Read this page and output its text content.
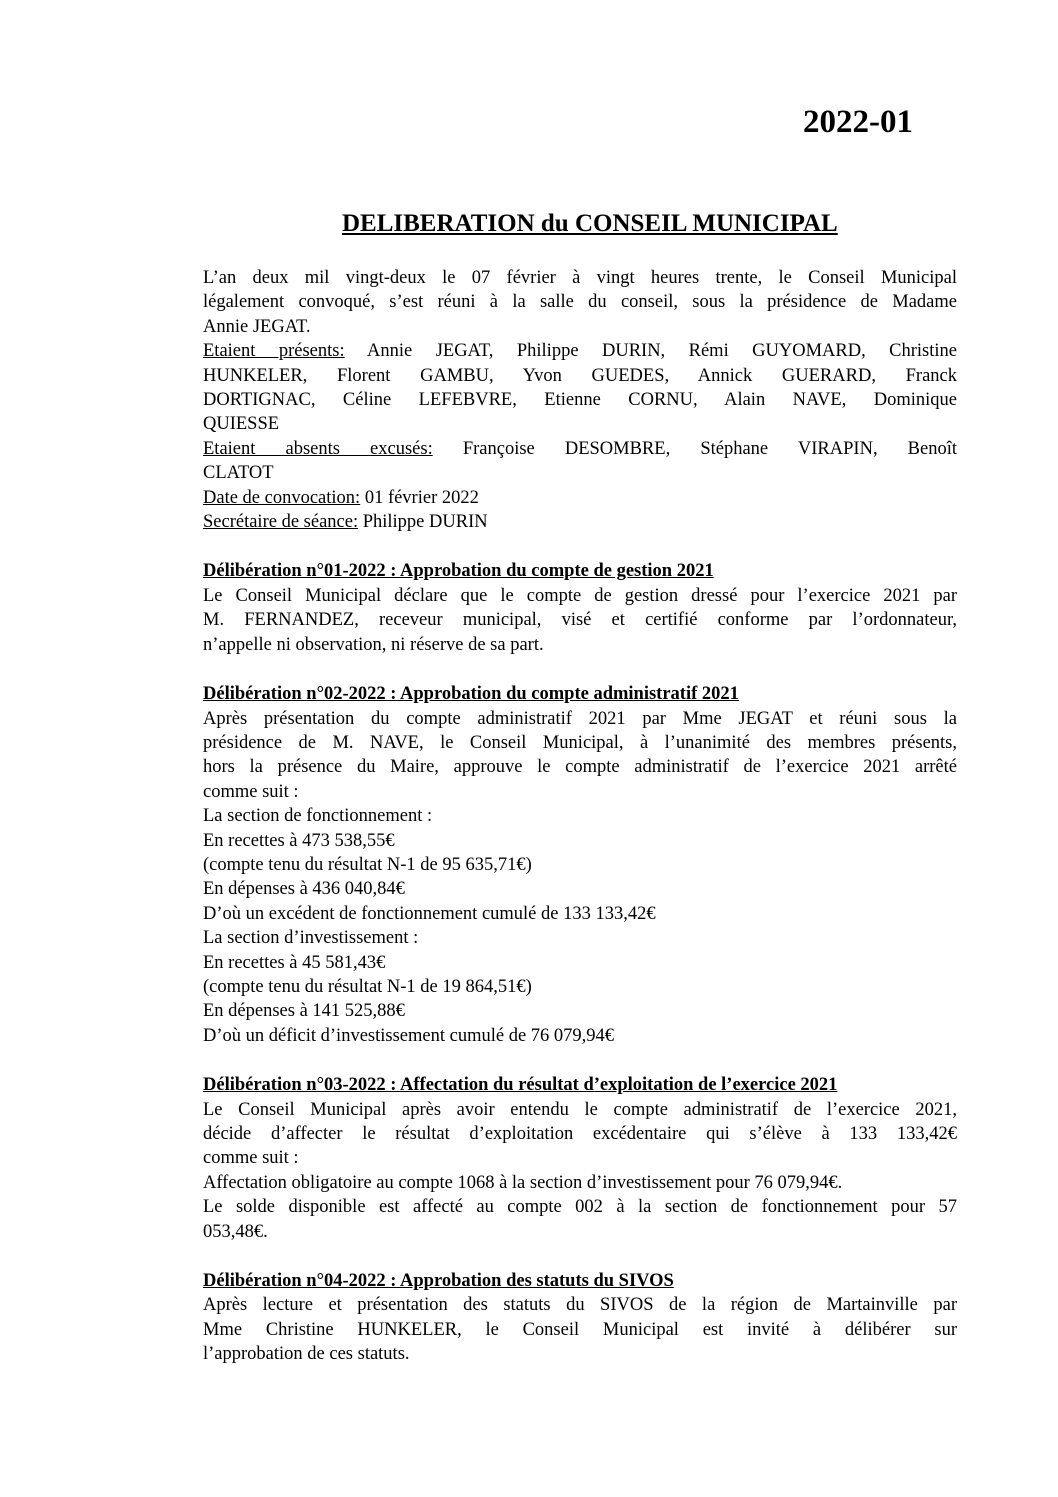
2022-01
DELIBERATION du CONSEIL MUNICIPAL

L’an deux mil vingt-deux le 07 février à vingt heures trente, le Conseil Municipal

légalement convoqué, s’est réuni à la salle du conseil, sous la présidence de Madame

Annie JEGAT.

Etaient présents: Annie JEGAT, Philippe DURIN, Rémi GUYOMARD, Christine

HUNKELER, Florent GAMBU, Yvon GUEDES, Annick GUERARD, Franck

DORTIGNAC, Céline LEFEBVRE, Etienne CORNU, Alain NAVE, Dominique

QUIESSE

Etaient absents excusés: Françoise DESOMBRE, Stéphane VIRAPIN, Benoît

CLATOT

Date de convocation: 01 février 2022

Secrétaire de séance: Philippe DURIN

Délibération n°01-2022 : Approbation du compte de gestion 2021

Le Conseil Municipal déclare que le compte de gestion dressé pour l’exercice 2021 par

M. FERNANDEZ, receveur municipal, visé et certifié conforme par l’ordonnateur,

n’appelle ni observation, ni réserve de sa part.

Délibération n°02-2022 : Approbation du compte administratif 2021

Après présentation du compte administratif 2021 par Mme JEGAT et réuni sous la

présidence de M. NAVE, le Conseil Municipal, à l’unanimité des membres présents,

hors la présence du Maire, approuve le compte administratif de l’exercice 2021 arrêté

comme suit :

La section de fonctionnement :

En recettes à 473 538,55€

(compte tenu du résultat N-1 de 95 635,71€)

En dépenses à 436 040,84€

D’où un excédent de fonctionnement cumulé de 133 133,42€

La section d’investissement :

En recettes à 45 581,43€

(compte tenu du résultat N-1 de 19 864,51€)

En dépenses à 141 525,88€

D’où un déficit d’investissement cumulé de 76 079,94€

Délibération n°03-2022 : Affectation du résultat d’exploitation de l’exercice 2021

Le Conseil Municipal après avoir entendu le compte administratif de l’exercice 2021,

décide d’affecter le résultat d’exploitation excédentaire qui s’élève à 133 133,42€

comme suit :

Affectation obligatoire au compte 1068 à la section d’investissement pour 76 079,94€.

Le solde disponible est affecté au compte 002 à la section de fonctionnement pour 57

053,48€.

Délibération n°04-2022 : Approbation des statuts du SIVOS

Après lecture et présentation des statuts du SIVOS de la région de Martainville par

Mme Christine HUNKELER, le Conseil Municipal est invité à délibérer sur

l’approbation de ces statuts.
